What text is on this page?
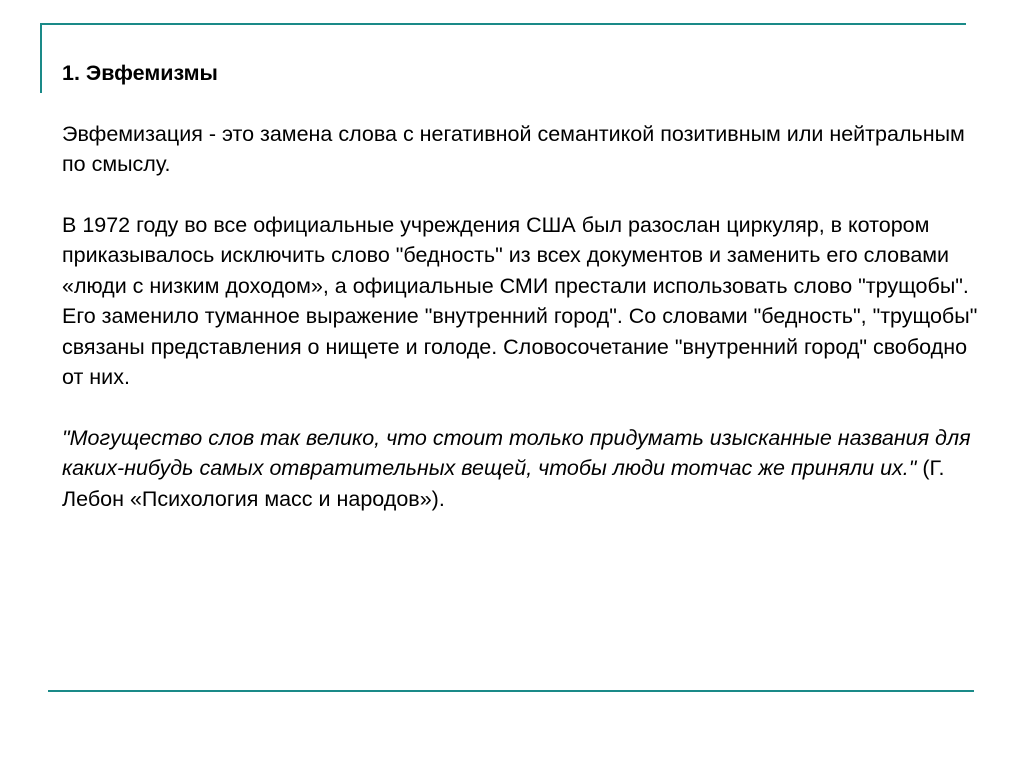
1. Эвфемизмы

Эвфемизация - это замена слова с негативной семантикой позитивным или нейтральным по смыслу.

В 1972 году во все официальные учреждения США был разослан циркуляр, в котором приказывалось исключить слово "бедность" из всех документов и заменить его словами «люди с низким доходом», а официальные СМИ престали использовать слово "трущобы". Его заменило туманное выражение "внутренний город". Со словами "бедность", "трущобы" связаны представления о нищете и голоде. Словосочетание "внутренний город" свободно от них.

"Могущество слов так велико, что стоит только придумать изысканные названия для каких-нибудь самых отвратительных вещей, чтобы люди тотчас же приняли их." (Г. Лебон «Психология масс и народов»).
